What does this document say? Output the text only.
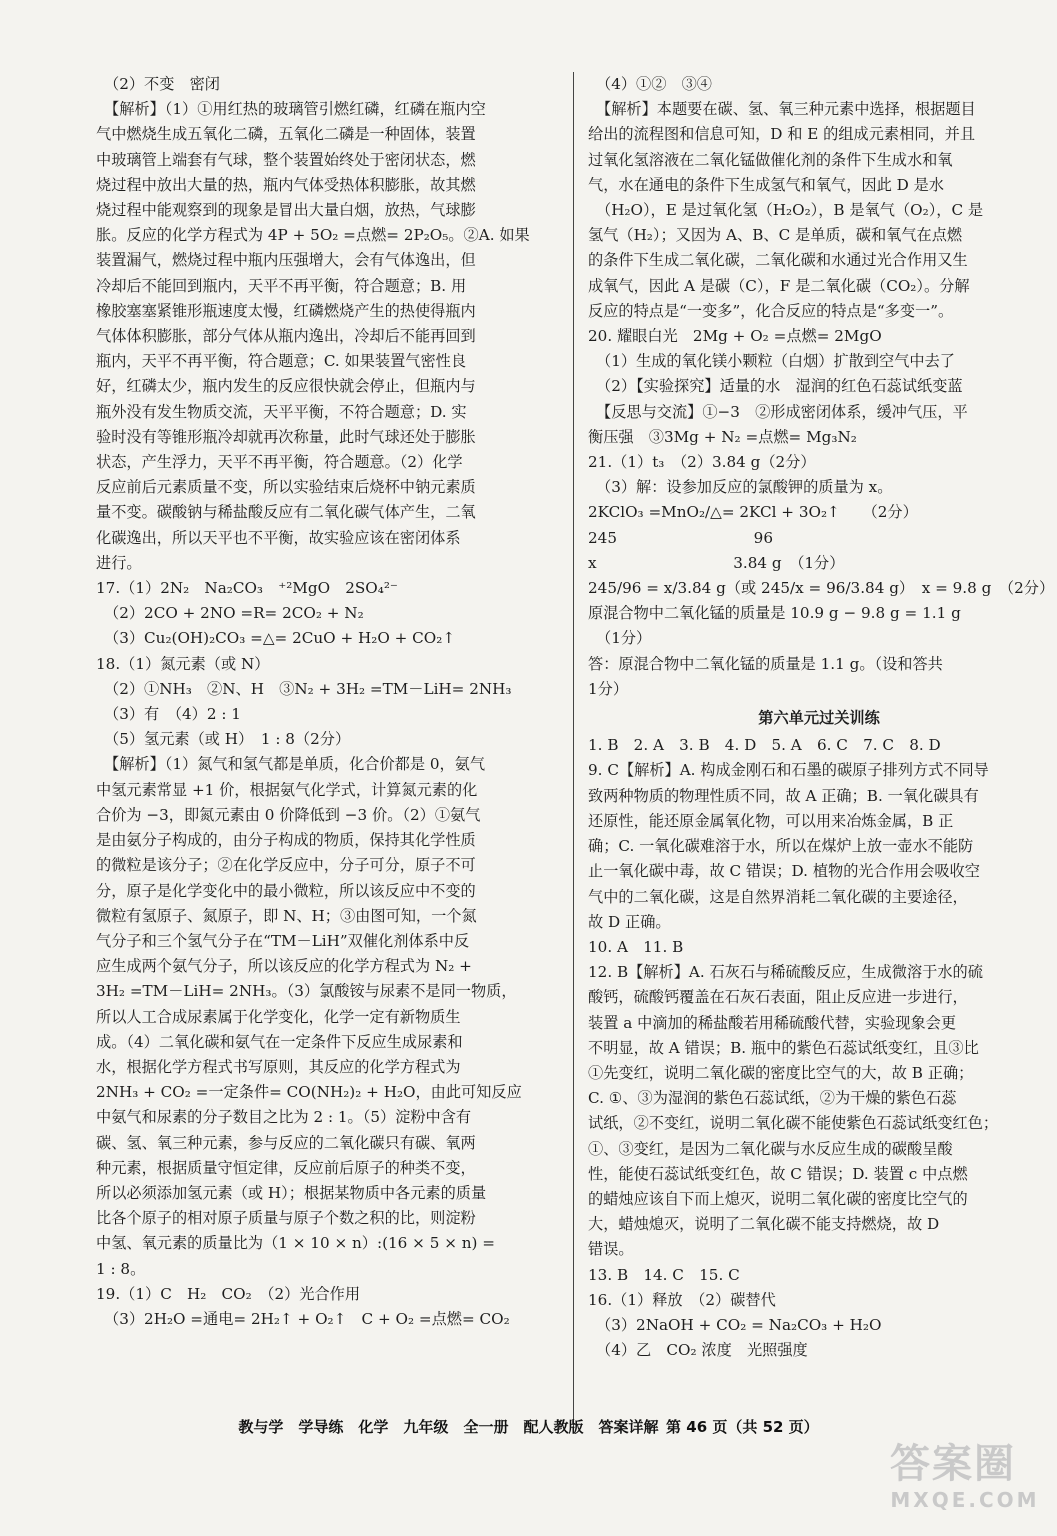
（2）不变　密闭
【解析】（1）①用红热的玻璃管引燃红磷，红磷在瓶内空
气中燃烧生成五氧化二磷，五氧化二磷是一种固体，装置
中玻璃管上端套有气球，整个装置始终处于密闭状态，燃
烧过程中放出大量的热，瓶内气体受热体积膨胀，故其燃
烧过程中能观察到的现象是冒出大量白烟，放热，气球膨
胀。反应的化学方程式为 4P + 5O₂ =点燃= 2P₂O₅。②A. 如果
装置漏气，燃烧过程中瓶内压强增大，会有气体逸出，但
冷却后不能回到瓶内，天平不再平衡，符合题意；B. 用
橡胶塞塞紧锥形瓶速度太慢，红磷燃烧产生的热使得瓶内
气体体积膨胀，部分气体从瓶内逸出，冷却后不能再回到
瓶内，天平不再平衡，符合题意；C. 如果装置气密性良
好，红磷太少，瓶内发生的反应很快就会停止，但瓶内与
瓶外没有发生物质交流，天平平衡，不符合题意；D. 实
验时没有等锥形瓶冷却就再次称量，此时气球还处于膨胀
状态，产生浮力，天平不再平衡，符合题意。（2）化学
反应前后元素质量不变，所以实验结束后烧杯中钠元素质
量不变。碳酸钠与稀盐酸反应有二氧化碳气体产生，二氧
化碳逸出，所以天平也不平衡，故实验应该在密闭体系
进行。
17.（1）2N₂　Na₂CO₃　⁺²MgO　2SO₄²⁻
（2）2CO + 2NO =R= 2CO₂ + N₂
（3）Cu₂(OH)₂CO₃ =△= 2CuO + H₂O + CO₂↑
18.（1）氮元素（或 N）
（2）①NH₃　②N、H　③N₂ + 3H₂ =TM－LiH= 2NH₃
（3）有　（4）2 : 1
（5）氢元素（或 H）　1 : 8（2分）
【解析】（1）氮气和氢气都是单质，化合价都是 0，氨气
中氢元素常显 +1 价，根据氨气化学式，计算氮元素的化
合价为 −3，即氮元素由 0 价降低到 −3 价。（2）①氨气
是由氨分子构成的，由分子构成的物质，保持其化学性质
的微粒是该分子；②在化学反应中，分子可分，原子不可
分，原子是化学变化中的最小微粒，所以该反应中不变的
微粒有氢原子、氮原子，即 N、H；③由图可知，一个氮
气分子和三个氢气分子在“TM－LiH”双催化剂体系中反
应生成两个氨气分子，所以该反应的化学方程式为 N₂ +
3H₂ =TM－LiH= 2NH₃。（3）氯酸铵与尿素不是同一物质，
所以人工合成尿素属于化学变化，化学一定有新物质生
成。（4）二氧化碳和氨气在一定条件下反应生成尿素和
水，根据化学方程式书写原则，其反应的化学方程式为
2NH₃ + CO₂ =一定条件= CO(NH₂)₂ + H₂O，由此可知反应
中氨气和尿素的分子数目之比为 2 : 1。（5）淀粉中含有
碳、氢、氧三种元素，参与反应的二氧化碳只有碳、氧两
种元素，根据质量守恒定律，反应前后原子的种类不变，
所以必须添加氢元素（或 H）；根据某物质中各元素的质量
比各个原子的相对原子质量与原子个数之积的比，则淀粉
中氢、氧元素的质量比为（1 × 10 × n）:(16 × 5 × n) =
1 : 8。
19.（1）C　H₂　CO₂　（2）光合作用
（3）2H₂O =通电= 2H₂↑ + O₂↑　C + O₂ =点燃= CO₂
（4）①②　③④
【解析】本题要在碳、氢、氧三种元素中选择，根据题目
给出的流程图和信息可知，D 和 E 的组成元素相同，并且
过氧化氢溶液在二氧化锰做催化剂的条件下生成水和氧
气，水在通电的条件下生成氢气和氧气，因此 D 是水
（H₂O），E 是过氧化氢（H₂O₂），B 是氧气（O₂），C 是
氢气（H₂）；又因为 A、B、C 是单质，碳和氧气在点燃
的条件下生成二氧化碳，二氧化碳和水通过光合作用又生
成氧气，因此 A 是碳（C），F 是二氧化碳（CO₂）。分解
反应的特点是“一变多”，化合反应的特点是“多变一”。
20. 耀眼白光　2Mg + O₂ =点燃= 2MgO
（1）生成的氧化镁小颗粒（白烟）扩散到空气中去了
（2）【实验探究】适量的水　湿润的红色石蕊试纸变蓝
【反思与交流】①−3　②形成密闭体系，缓冲气压，平
衡压强　③3Mg + N₂ =点燃= Mg₃N₂
21.（1）t₃　（2）3.84 g（2分）
（3）解：设参加反应的氯酸钾的质量为 x。
2KClO₃ =MnO₂/△= 2KCl + 3O₂↑　　（2分）
245　　　　　　　　　96
x　　　　　　　　　3.84 g　（1分）
245/96 = x/3.84 g（或 245/x = 96/3.84 g）　x = 9.8 g　（2分）
原混合物中二氧化锰的质量是 10.9 g − 9.8 g = 1.1 g
（1分）
答：原混合物中二氧化锰的质量是 1.1 g。（设和答共
1分）
第六单元过关训练
1. B　2. A　3. B　4. D　5. A　6. C　7. C　8. D
9. C【解析】A. 构成金刚石和石墨的碳原子排列方式不同导
致两种物质的物理性质不同，故 A 正确；B. 一氧化碳具有
还原性，能还原金属氧化物，可以用来冶炼金属，B 正
确；C. 一氧化碳难溶于水，所以在煤炉上放一壶水不能防
止一氧化碳中毒，故 C 错误；D. 植物的光合作用会吸收空
气中的二氧化碳，这是自然界消耗二氧化碳的主要途径，
故 D 正确。
10. A　11. B
12. B【解析】A. 石灰石与稀硫酸反应，生成微溶于水的硫
酸钙，硫酸钙覆盖在石灰石表面，阻止反应进一步进行，
装置 a 中滴加的稀盐酸若用稀硫酸代替，实验现象会更
不明显，故 A 错误；B. 瓶中的紫色石蕊试纸变红，且③比
①先变红，说明二氧化碳的密度比空气的大，故 B 正确；
C. ①、③为湿润的紫色石蕊试纸，②为干燥的紫色石蕊
试纸，②不变红，说明二氧化碳不能使紫色石蕊试纸变红色；
①、③变红，是因为二氧化碳与水反应生成的碳酸呈酸
性，能使石蕊试纸变红色，故 C 错误；D. 装置 c 中点燃
的蜡烛应该自下而上熄灭，说明二氧化碳的密度比空气的
大，蜡烛熄灭，说明了二氧化碳不能支持燃烧，故 D
错误。
13. B　14. C　15. C
16.（1）释放　（2）碳替代
（3）2NaOH + CO₂ = Na₂CO₃ + H₂O
（4）乙　CO₂ 浓度　光照强度
教与学　 学导练　 化学　 九年级　 全一册　 配人教版　 答案详解  第 46 页（共 52 页）
答案圈
MXQE.COM
